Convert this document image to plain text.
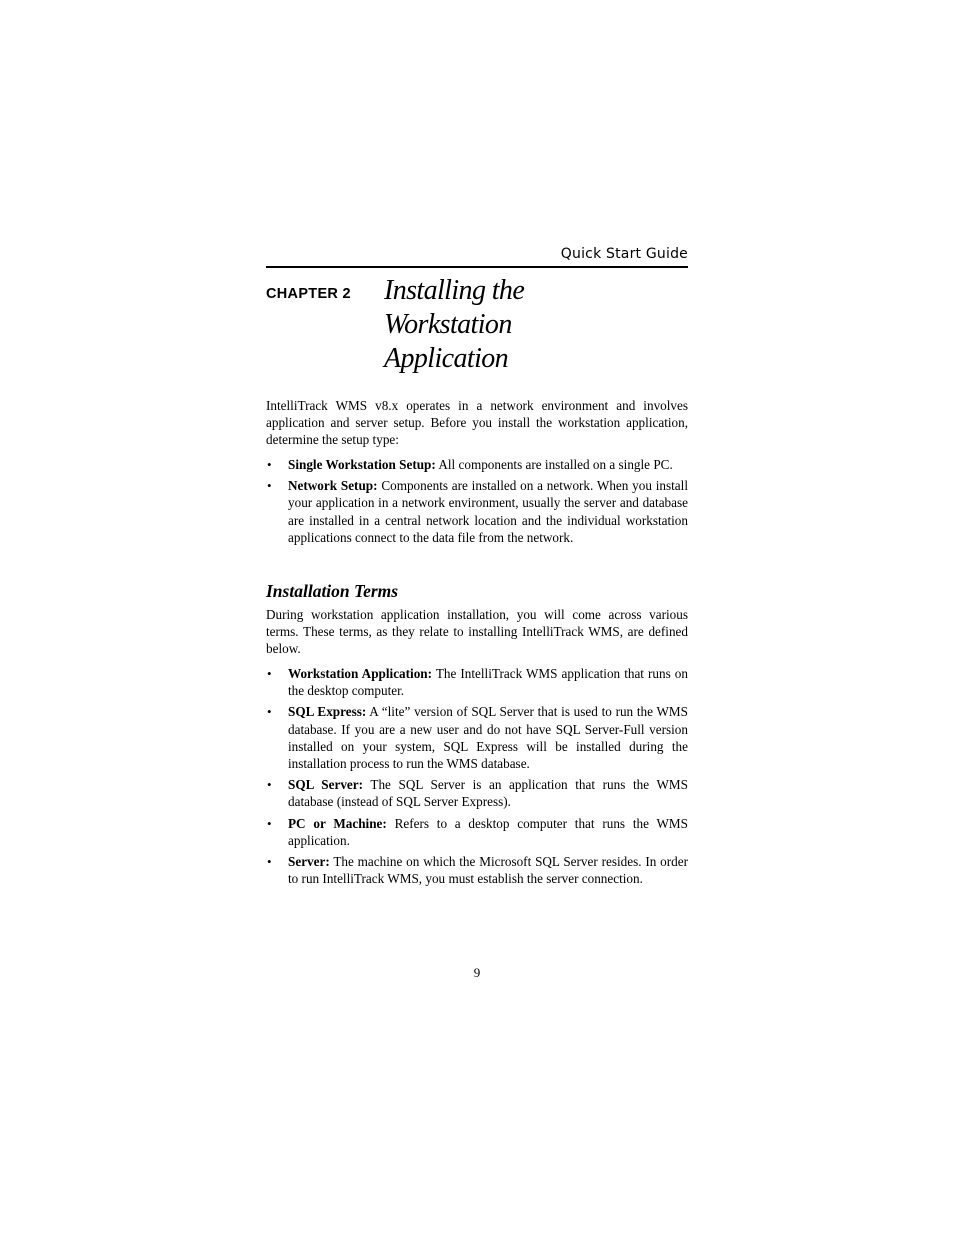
Quick Start Guide
CHAPTER 2 Installing the
Workstation
Application

IntelliTrack WMS v8.x operates in a network environment and involves application and server setup. Before you install the workstation application, determine the setup type:

• Single Workstation Setup: All components are installed on a single PC.
• Network Setup: Components are installed on a network. When you install your application in a network environment, usually the server and database are installed in a central network location and the individual workstation applications connect to the data file from the network.
Installation Terms

During workstation application installation, you will come across various terms. These terms, as they relate to installing IntelliTrack WMS, are defined below.

• Workstation Application: The IntelliTrack WMS application that runs on the desktop computer.
• SQL Express: A “lite” version of SQL Server that is used to run the WMS database. If you are a new user and do not have SQL Server-Full version installed on your system, SQL Express will be installed during the installation process to run the WMS database.
• SQL Server: The SQL Server is an application that runs the WMS database (instead of SQL Server Express).
• PC or Machine: Refers to a desktop computer that runs the WMS application.
• Server: The machine on which the Microsoft SQL Server resides. In order to run IntelliTrack WMS, you must establish the server connection.
9
